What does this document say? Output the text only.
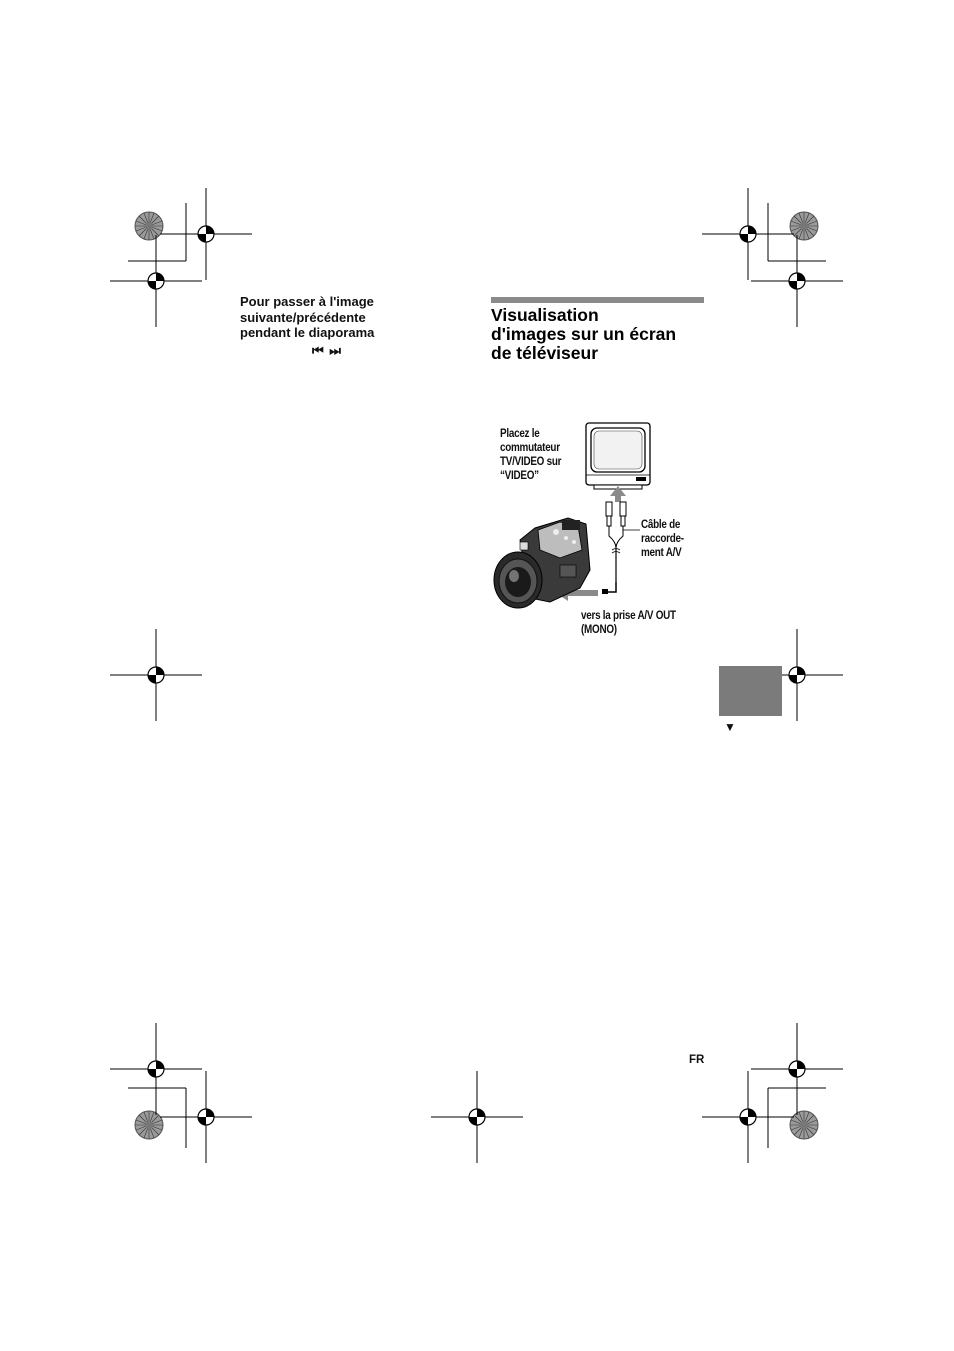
Pour passer à l'image
suivante/précédente
pendant le diaporama
⏮ ⏭
Visualisation
d'images sur un écran
de téléviseur
Placez le
commutateur
TV/VIDEO sur
“VIDEO”
Câble de
raccorde-
ment A/V
vers la prise A/V OUT
(MONO)
▼
FR
